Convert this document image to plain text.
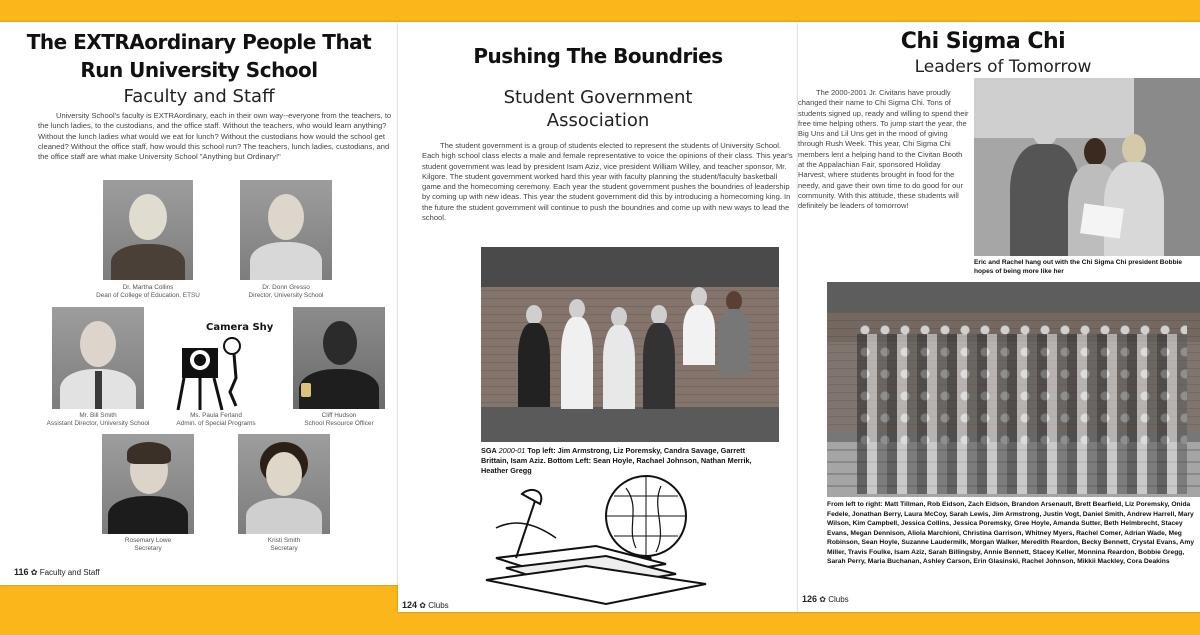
The EXTRAordinary People That
Run University School
Faculty and Staff
University School's faculty is EXTRAordinary, each in their own way--everyone from the teachers, to the lunch ladies, to the custodians, and the office staff. Without the teachers, who would learn anything? Without the lunch ladies what would we eat for lunch? Without the custodians how would the school get cleaned? Without the office staff, how would this school run? The teachers, lunch ladies, custodians, and the office staff are what make University School "Anything but Ordinary!"
Dr. Martha Collins
Dean of College of Education, ETSU
Dr. Donn Gresso
Director, University School
Mr. Bill Smith
Assistant Director, University School
Camera Shy
Ms. Paula Ferland
Admin. of Special Programs
Cliff Hudson
School Resource Officer
Rosemary Lowe
Secretary
Kristi Smith
Secretary
116 ✿ Faculty and Staff
Pushing The Boundries
Student Government
Association
The student government is a group of students elected to represent the students of University School. Each high school class elects a male and female representative to voice the opinions of their class. This year's student government was lead by president Isam Aziz, vice president William Willey, and teacher sponsor, Mr. Kilgore. The student government worked hard this year with faculty planning the student/faculty basketball game and the homecoming ceremony. Each year the student government pushes the boundries of leadership by coming up with new ideas. This year the student government did this by introducing a homecoming king. In the future the student government will continue to push the boundries and come up with new ways to lead the school.
SGA 2000-01 Top left: Jim Armstrong, Liz Poremsky, Candra Savage, Garrett Brittain, Isam Aziz. Bottom Left: Sean Hoyle, Rachael Johnson, Nathan Merrik, Heather Gregg
124 ✿ Clubs
Chi Sigma Chi
Leaders of Tomorrow
The 2000-2001 Jr. Civitans have proudly changed their name to Chi Sigma Chi. Tons of students signed up, ready and willing to spend their free time helping others. To jump start the year, the Big Uns and Lil Uns get in the mood of giving through Rush Week. This year, Chi Sigma Chi members lent a helping hand to the Civitan Booth at the Appalachian Fair, sponsored Holiday Harvest, where students brought in food for the needy, and gave their own time to do good for our community. With this attitude, these students will definitely be leaders of tomorrow!
Eric and Rachel hang out with the Chi Sigma Chi president Bobbie hopes of being more like her
From left to right: Matt Tillman, Rob Eidson, Zach Eidson, Brandon Arsenault, Brett Bearfield, Liz Poremsky, Onida Fedele, Jonathan Berry, Laura McCoy, Sarah Lewis, Jim Armstrong, Justin Vogt, Daniel Smith, Andrew Harrell, Mary Wilson, Kim Campbell, Jessica Collins, Jessica Poremsky, Gree Hoyle, Amanda Sutter, Beth Helmbrecht, Stacey Evans, Megan Dennison, Aliola Marchioni, Christina Garrison, Whitney Myers, Rachel Comer, Adrian Wade, Meg Robinson, Sean Hoyle, Suzanne Laudermilk, Morgan Walker, Meredith Reardon, Becky Bennett, Crystal Evans, Amy Miller, Travis Foulke, Isam Aziz, Sarah Billingsby, Annie Bennett, Stacey Keller, Monnina Reardon, Bobbie Gregg, Sarah Perry, Maria Buchanan, Ashley Carson, Erin Glasinski, Rachel Johnson, Mikkii Mackley, Cora Deakins
126 ✿ Clubs
